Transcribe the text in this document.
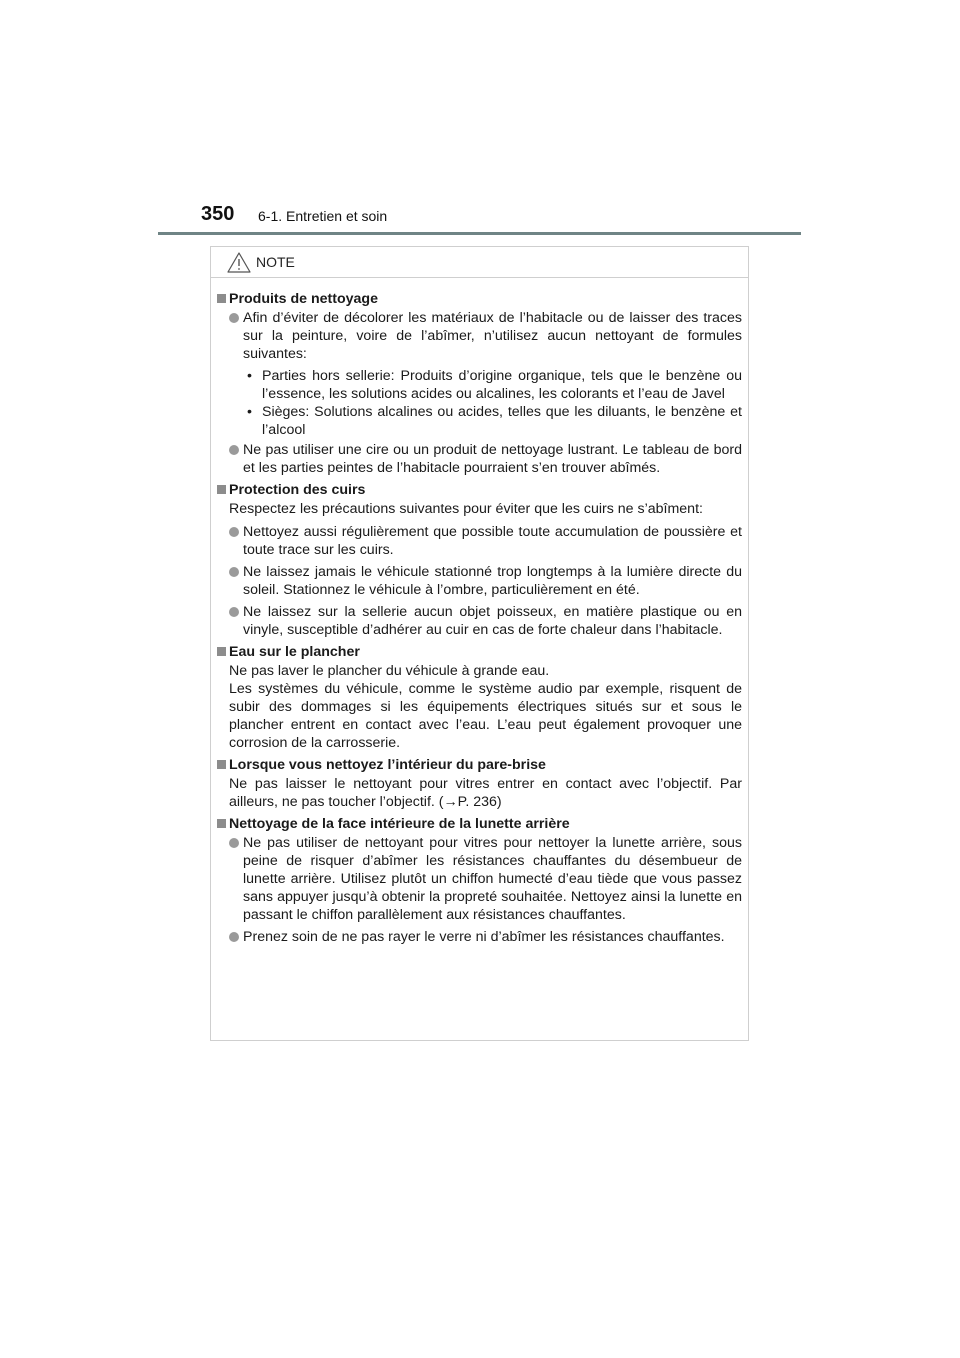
350 6-1. Entretien et soin
NOTE
Produits de nettoyage
Afin d’éviter de décolorer les matériaux de l’habitacle ou de laisser des traces sur la peinture, voire de l’abîmer, n’utilisez aucun nettoyant de formules suivantes:
• Parties hors sellerie: Produits d’origine organique, tels que le benzène ou l’essence, les solutions acides ou alcalines, les colorants et l’eau de Javel
• Sièges: Solutions alcalines ou acides, telles que les diluants, le benzène et l’alcool
Ne pas utiliser une cire ou un produit de nettoyage lustrant. Le tableau de bord et les parties peintes de l’habitacle pourraient s’en trouver abîmés.
Protection des cuirs
Respectez les précautions suivantes pour éviter que les cuirs ne s’abîment:
Nettoyez aussi régulièrement que possible toute accumulation de poussière et toute trace sur les cuirs.
Ne laissez jamais le véhicule stationné trop longtemps à la lumière directe du soleil. Stationnez le véhicule à l’ombre, particulièrement en été.
Ne laissez sur la sellerie aucun objet poisseux, en matière plastique ou en vinyle, susceptible d’adhérer au cuir en cas de forte chaleur dans l’habitacle.
Eau sur le plancher
Ne pas laver le plancher du véhicule à grande eau.
Les systèmes du véhicule, comme le système audio par exemple, risquent de subir des dommages si les équipements électriques situés sur et sous le plancher entrent en contact avec l’eau. L’eau peut également provoquer une corrosion de la carrosserie.
Lorsque vous nettoyez l’intérieur du pare-brise
Ne pas laisser le nettoyant pour vitres entrer en contact avec l’objectif. Par ailleurs, ne pas toucher l’objectif. (→P. 236)
Nettoyage de la face intérieure de la lunette arrière
Ne pas utiliser de nettoyant pour vitres pour nettoyer la lunette arrière, sous peine de risquer d’abîmer les résistances chauffantes du désembueur de lunette arrière. Utilisez plutôt un chiffon humecté d’eau tiède que vous passez sans appuyer jusqu’à obtenir la propreté souhaitée. Nettoyez ainsi la lunette en passant le chiffon parallèlement aux résistances chauffantes.
Prenez soin de ne pas rayer le verre ni d’abîmer les résistances chauffantes.
